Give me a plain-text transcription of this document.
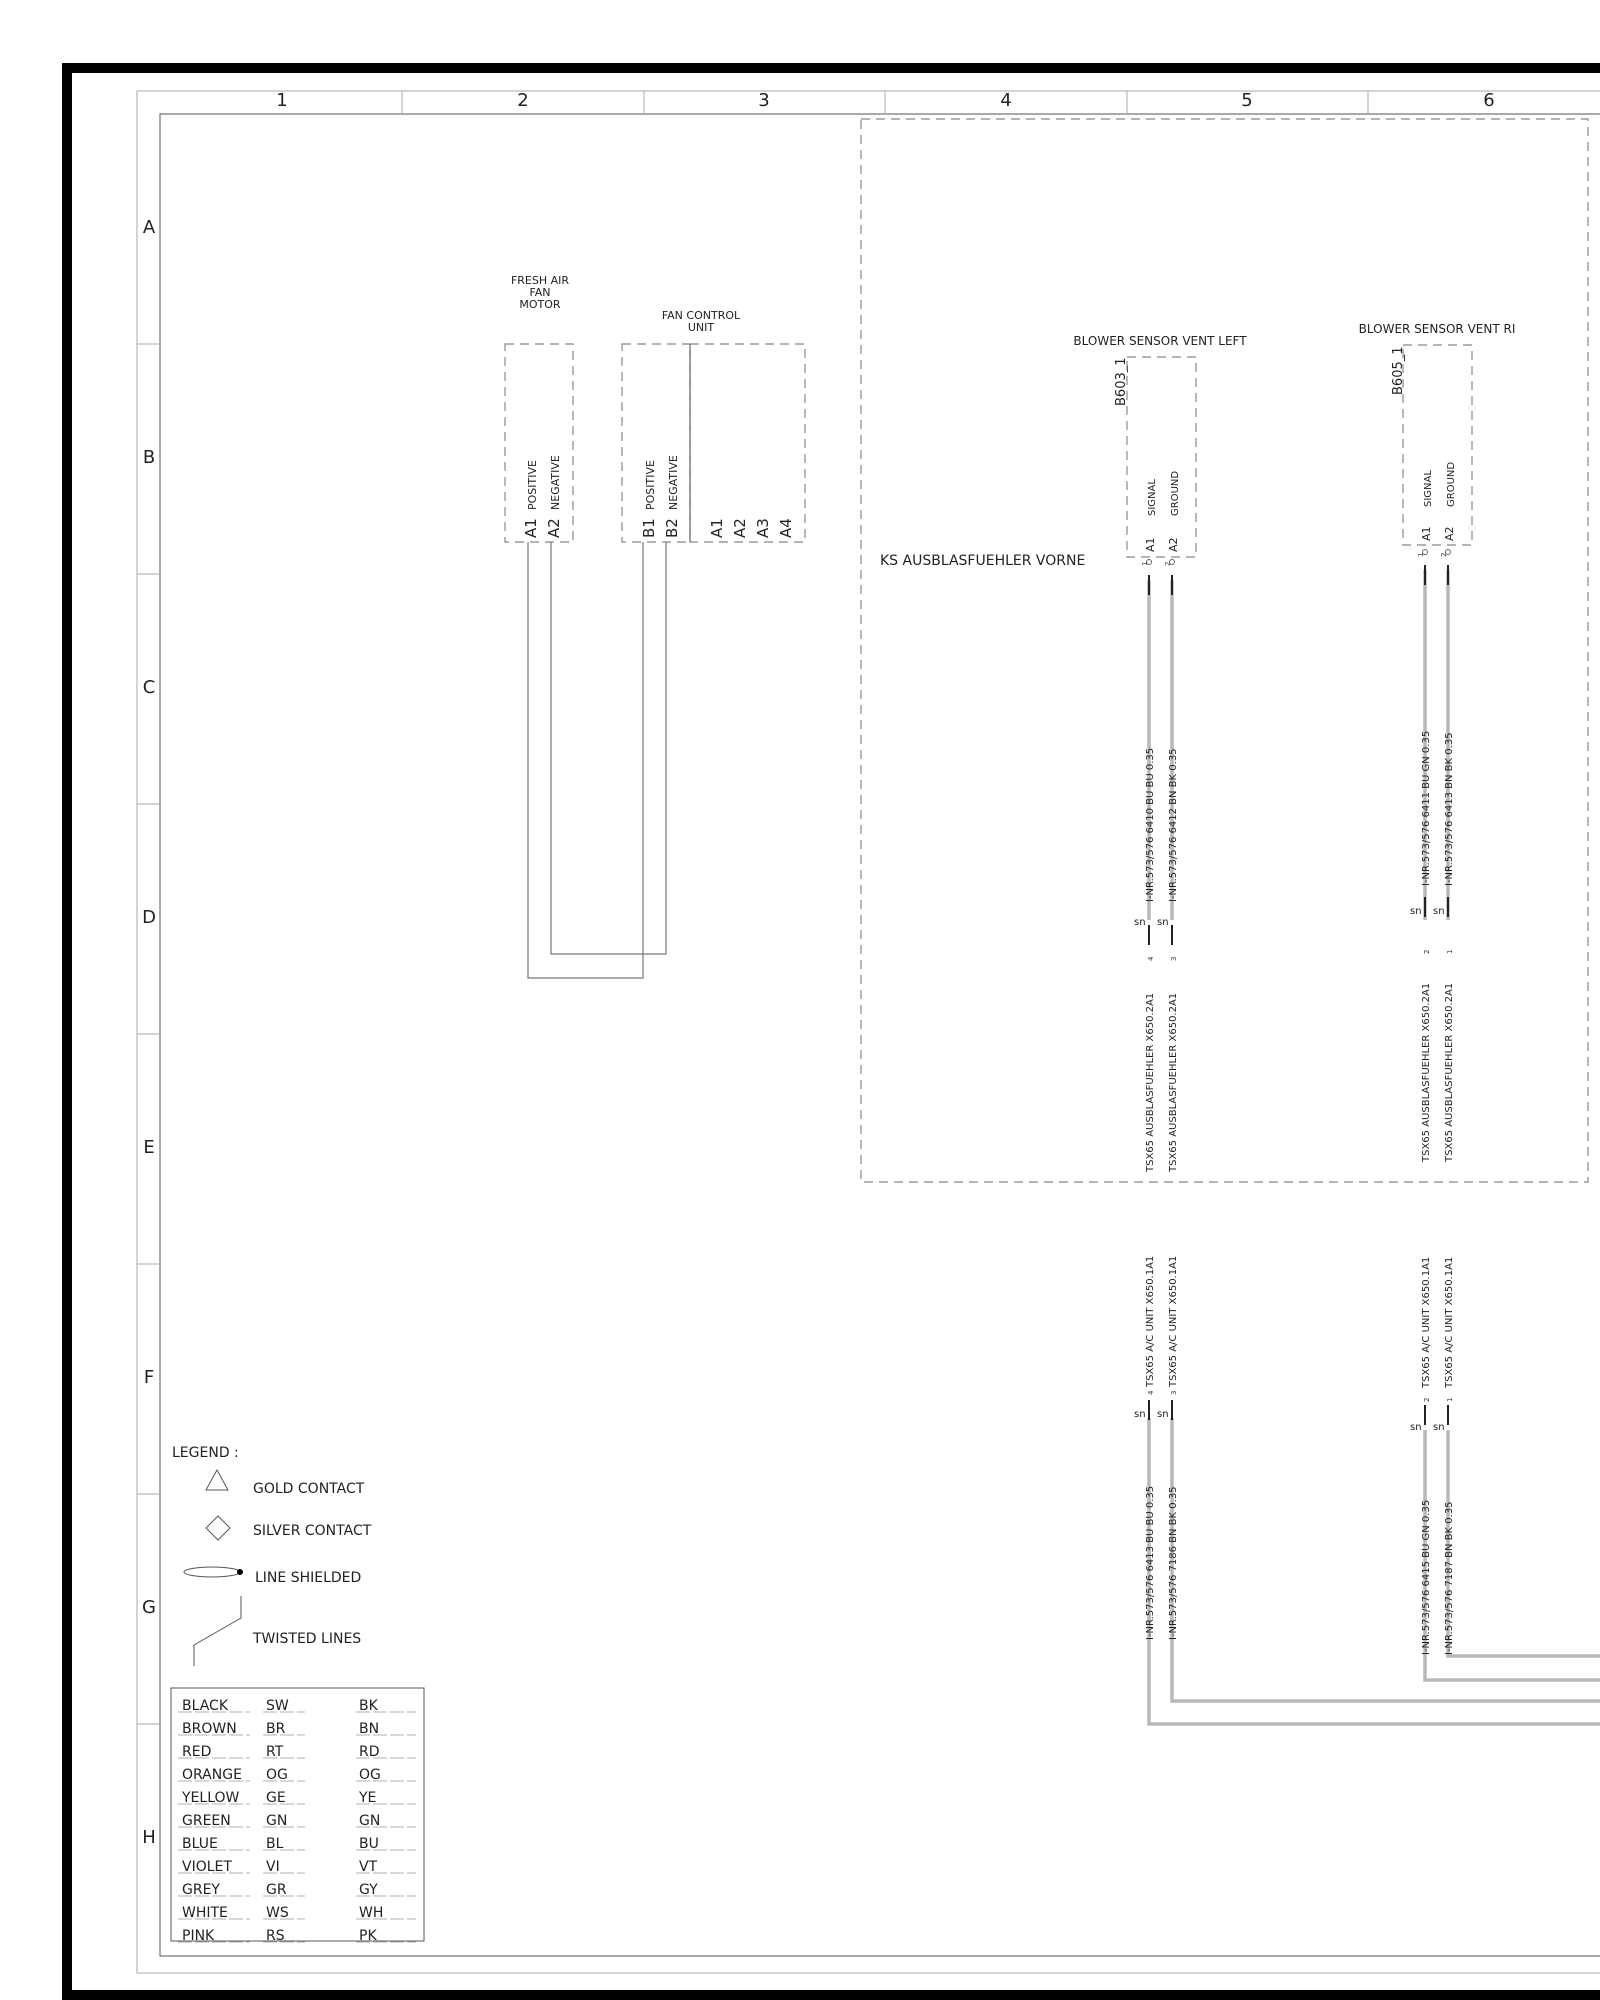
1	2	3	4	5	6
A
B
C
D
E
F
G
H
FRESH AIR
FAN
MOTOR
A1
POSITIVE
A2
NEGATIVE
FAN CONTROL
UNIT
B1
POSITIVE
B2
NEGATIVE
A1 A2 A3 A4
KS AUSBLASFUEHLER VORNE
BLOWER SENSOR VENT LEFT
B603_1
SIGNAL GROUND
A1 A2
1 2
BLOWER SENSOR VENT RI
B605_1
SIGNAL GROUND
A1 A2
1 2
I-NR.573/576 6410 BU BU 0.35
sn
4
TSX65 AUSBLASFUEHLER X650.2A1
TSX65 A/C UNIT X650.1A1
4
sn
I-NR.573/576 6413 BU BU 0.35
I-NR.573/576 6412 BN BK 0.35
sn
3
TSX65 AUSBLASFUEHLER X650.2A1
TSX65 A/C UNIT X650.1A1
3
sn
I-NR.573/576 7186 BN BK 0.35
I-NR.573/576 6411 BU GN 0.35
sn
2
TSX65 AUSBLASFUEHLER X650.2A1
TSX65 A/C UNIT X650.1A1
2
sn
I-NR.573/576 6415 BU GN 0.35
I-NR.573/576 6413 BN BK 0.35
sn
1
TSX65 AUSBLASFUEHLER X650.2A1
TSX65 A/C UNIT X650.1A1
1
sn
I-NR.573/576 7187 BN BK 0.35
LEGEND :
GOLD CONTACT
SILVER CONTACT
LINE SHIELDED
TWISTED LINES
BLACK	SW	BK
BROWN BR	BN
RED	RT	RD
ORANGE OG	OG
YELLOW GE	YE
GREEN	GN	GN
BLUE	BL	BU
VIOLET VI	VT
GREY	GR	GY
WHITE	WS	WH
PINK	RS	PK
